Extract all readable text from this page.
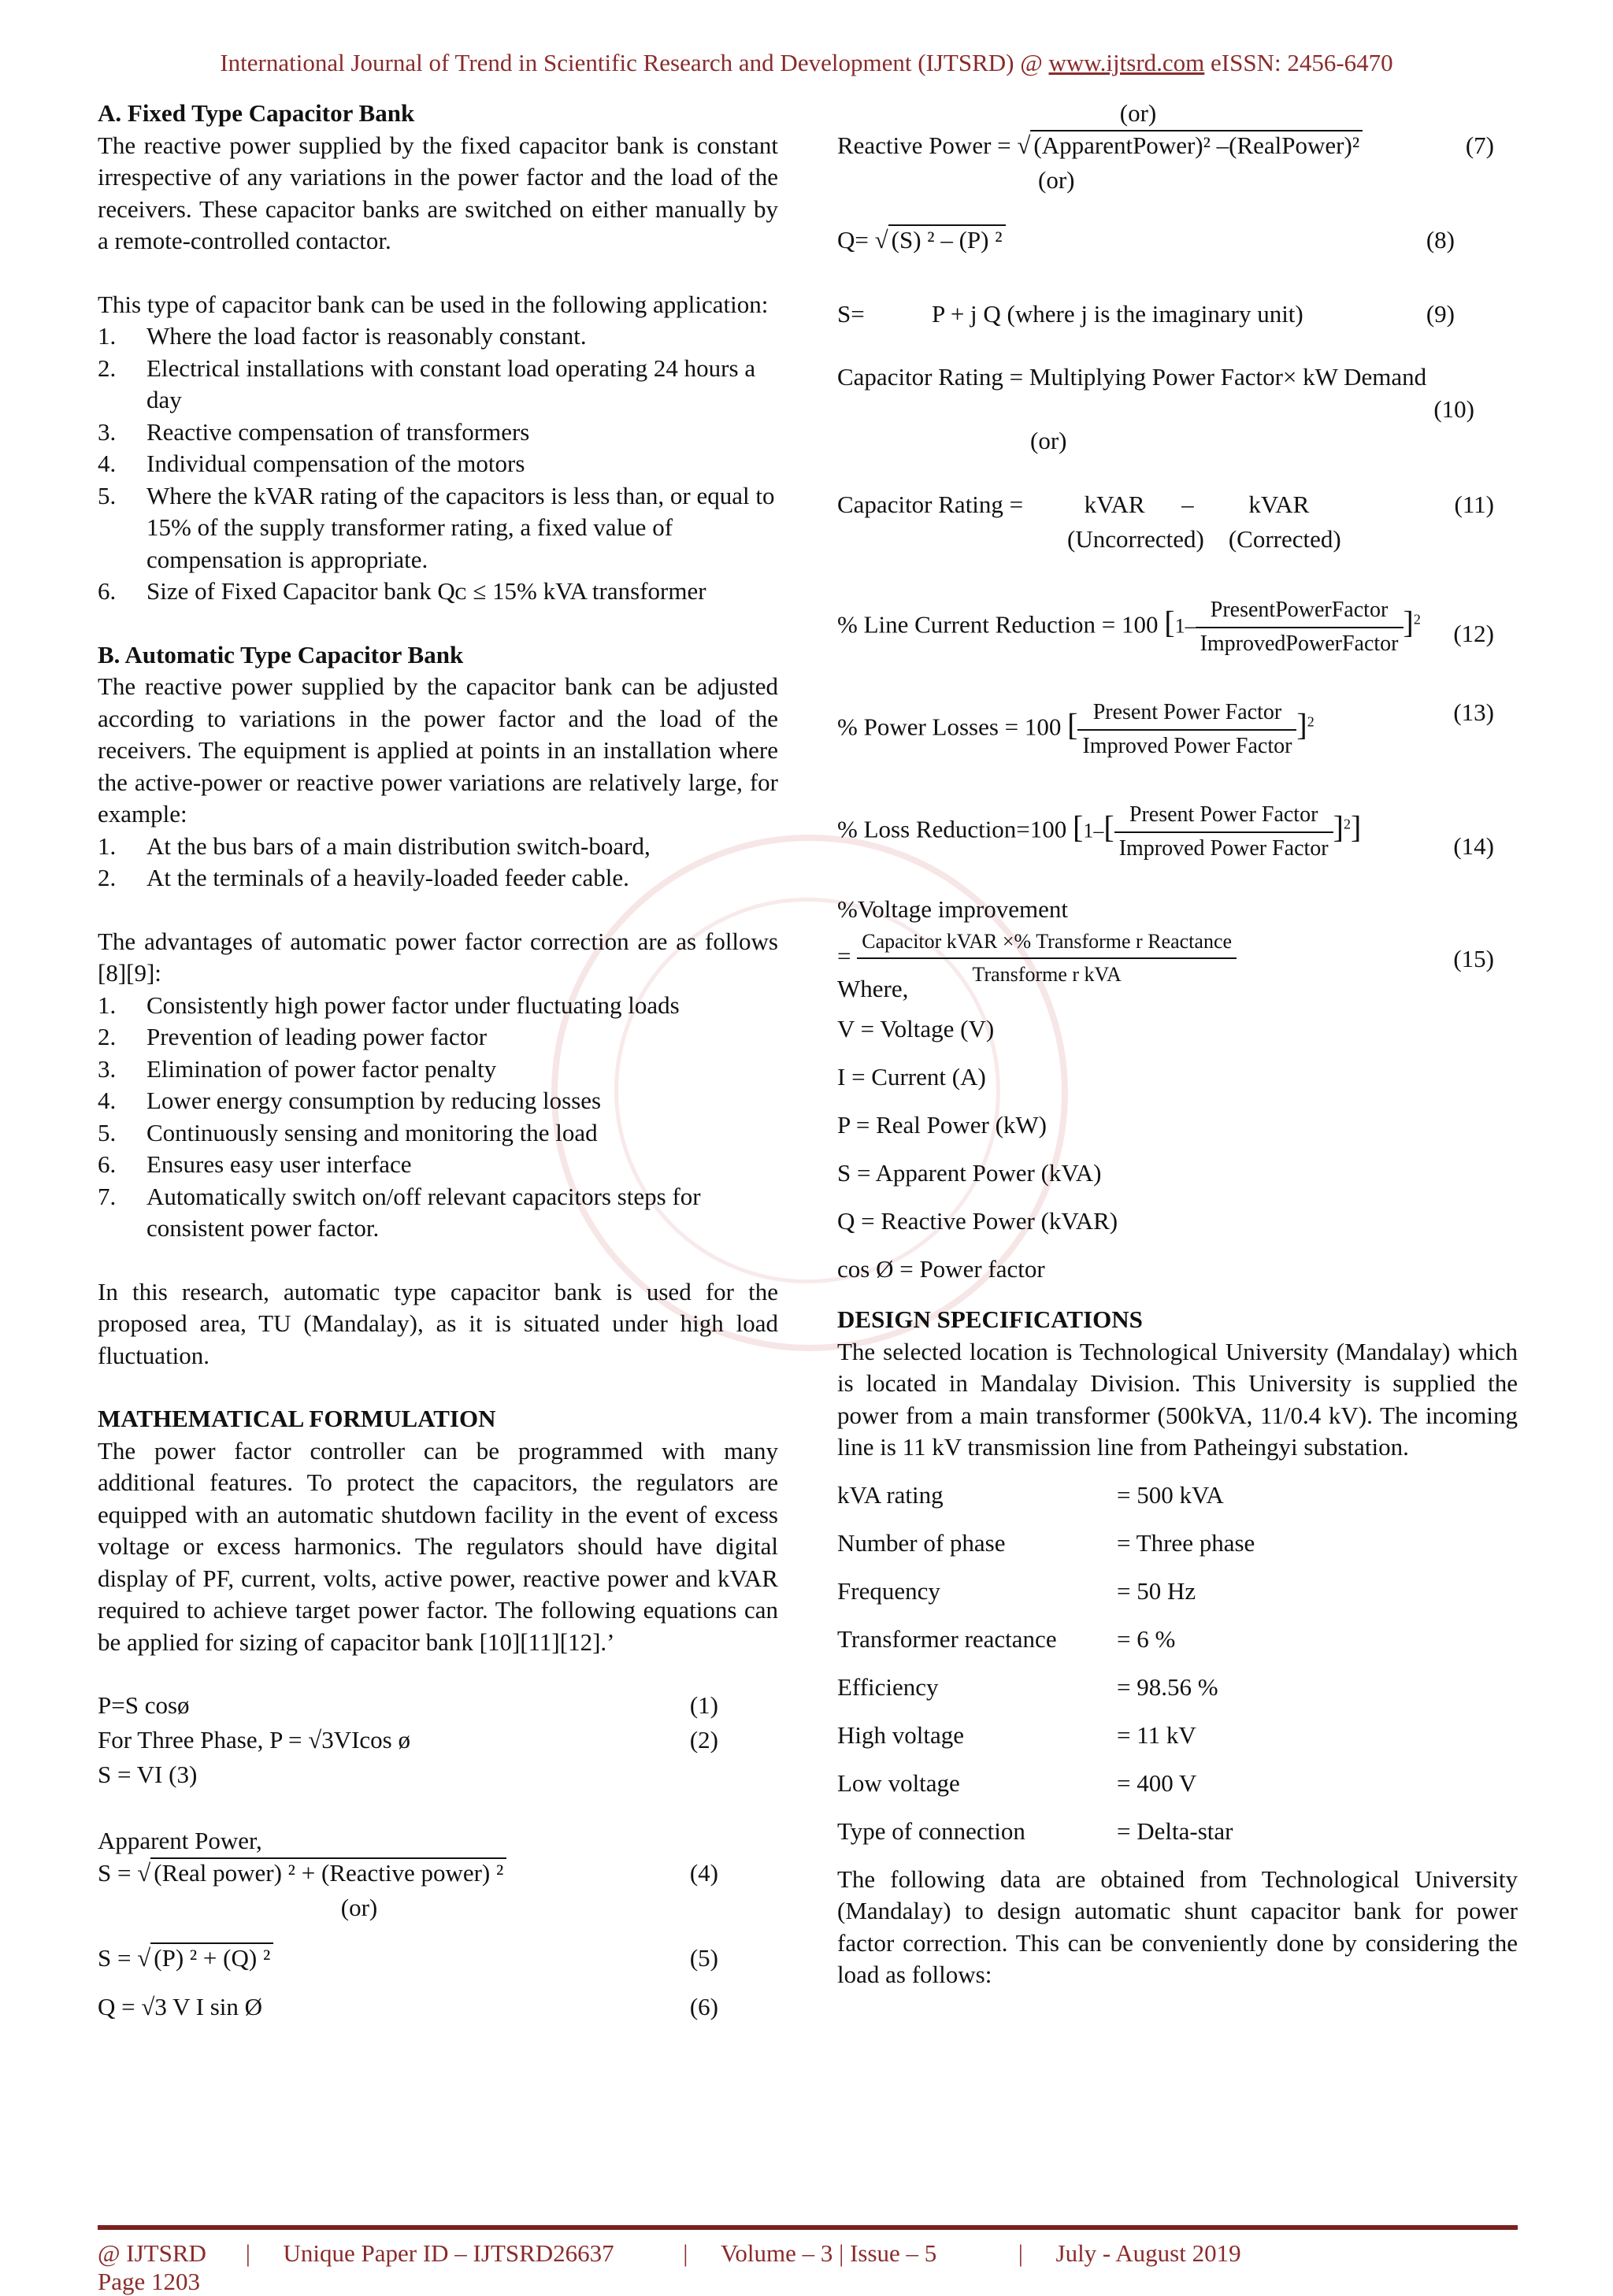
International Journal of Trend in Scientific Research and Development (IJTSRD) @ www.ijtsrd.com eISSN: 2456-6470
A. Fixed Type Capacitor Bank
The reactive power supplied by the fixed capacitor bank is constant irrespective of any variations in the power factor and the load of the receivers. These capacitor banks are switched on either manually by a remote-controlled contactor.
This type of capacitor bank can be used in the following application:
1. Where the load factor is reasonably constant.
2. Electrical installations with constant load operating 24 hours a day
3. Reactive compensation of transformers
4. Individual compensation of the motors
5. Where the kVAR rating of the capacitors is less than, or equal to 15% of the supply transformer rating, a fixed value of compensation is appropriate.
6. Size of Fixed Capacitor bank Qᴄ ≤ 15% kVA transformer
B. Automatic Type Capacitor Bank
The reactive power supplied by the capacitor bank can be adjusted according to variations in the power factor and the load of the receivers. The equipment is applied at points in an installation where the active-power or reactive power variations are relatively large, for example:
1. At the bus bars of a main distribution switch-board,
2. At the terminals of a heavily-loaded feeder cable.
The advantages of automatic power factor correction are as follows [8][9]:
1. Consistently high power factor under fluctuating loads
2. Prevention of leading power factor
3. Elimination of power factor penalty
4. Lower energy consumption by reducing losses
5. Continuously sensing and monitoring the load
6. Ensures easy user interface
7. Automatically switch on/off relevant capacitors steps for consistent power factor.
In this research, automatic type capacitor bank is used for the proposed area, TU (Mandalay), as it is situated under high load fluctuation.
MATHEMATICAL FORMULATION
The power factor controller can be programmed with many additional features. To protect the capacitors, the regulators are equipped with an automatic shutdown facility in the event of excess voltage or excess harmonics. The regulators should have digital display of PF, current, volts, active power, reactive power and kVAR required to achieve target power factor. The following equations can be applied for sizing of capacitor bank [10][11][12].’
P=S cosø	(1)
For Three Phase, P = √3VIcos ø	(2)
S = VI (3)
Apparent Power,
S = √ (Real power) ² + (Reactive power) ²	(4)
(or)
S = √ (P) ² + (Q) ²	(5)
Q = √3 V I sin Ø	(6)
(or)
Reactive Power = √ (ApparentPower)² –(RealPower)²	(7)
(or)
Q= √ (S) ² – (P) ²	(8)
S=           P + j Q (where j is the imaginary unit)	(9)
Capacitor Rating = Multiplying Power Factor× kW Demand
(10)
(or)
Capacitor Rating =          kVAR      –         kVAR	(11)
(Uncorrected)    (Corrected)
% Line Current Reduction = 100 $[1- \frac{\text{PresentPowerFactor}}{\text{ImprovedPowerFactor}} ]^2$
(12)
% Power Losses = 100 [ $\frac{\text{Present Power Factor}}{\text{Improved Power Factor}} ]^2$	(13)
% Loss Reduction=100 $[1-[ \frac{\text{Present Power Factor}}{\text{Improved Power Factor}} ]^2]$
(14)
%Voltage improvement
= $\frac{\text{Capacitor kVAR ×\% Transforme r Reactance}}{\text{Transforme r kVA}}$	(15)
Where,
V = Voltage (V)
I = Current (A)
P = Real Power (kW)
S = Apparent Power (kVA)
Q = Reactive Power (kVAR)
cos Ø = Power factor
DESIGN SPECIFICATIONS
The selected location is Technological University (Mandalay) which is located in Mandalay Division. This University is supplied the power from a main transformer (500kVA, 11/0.4 kV). The incoming line is 11 kV transmission line from Patheingyi substation.
kVA rating	= 500 kVA
Number of phase	= Three phase
Frequency	= 50 Hz
Transformer reactance = 6 %
Efficiency	= 98.56 %
High voltage	= 11 kV
Low voltage	= 400 V
Type of connection	= Delta-star
The following data are obtained from Technological University (Mandalay) to design automatic shunt capacitor bank for power factor correction. This can be conveniently done by considering the load as follows:
@ IJTSRD | Unique Paper ID – IJTSRD26637	| Volume – 3 | Issue – 5	| July - August 2019 Page 1203
